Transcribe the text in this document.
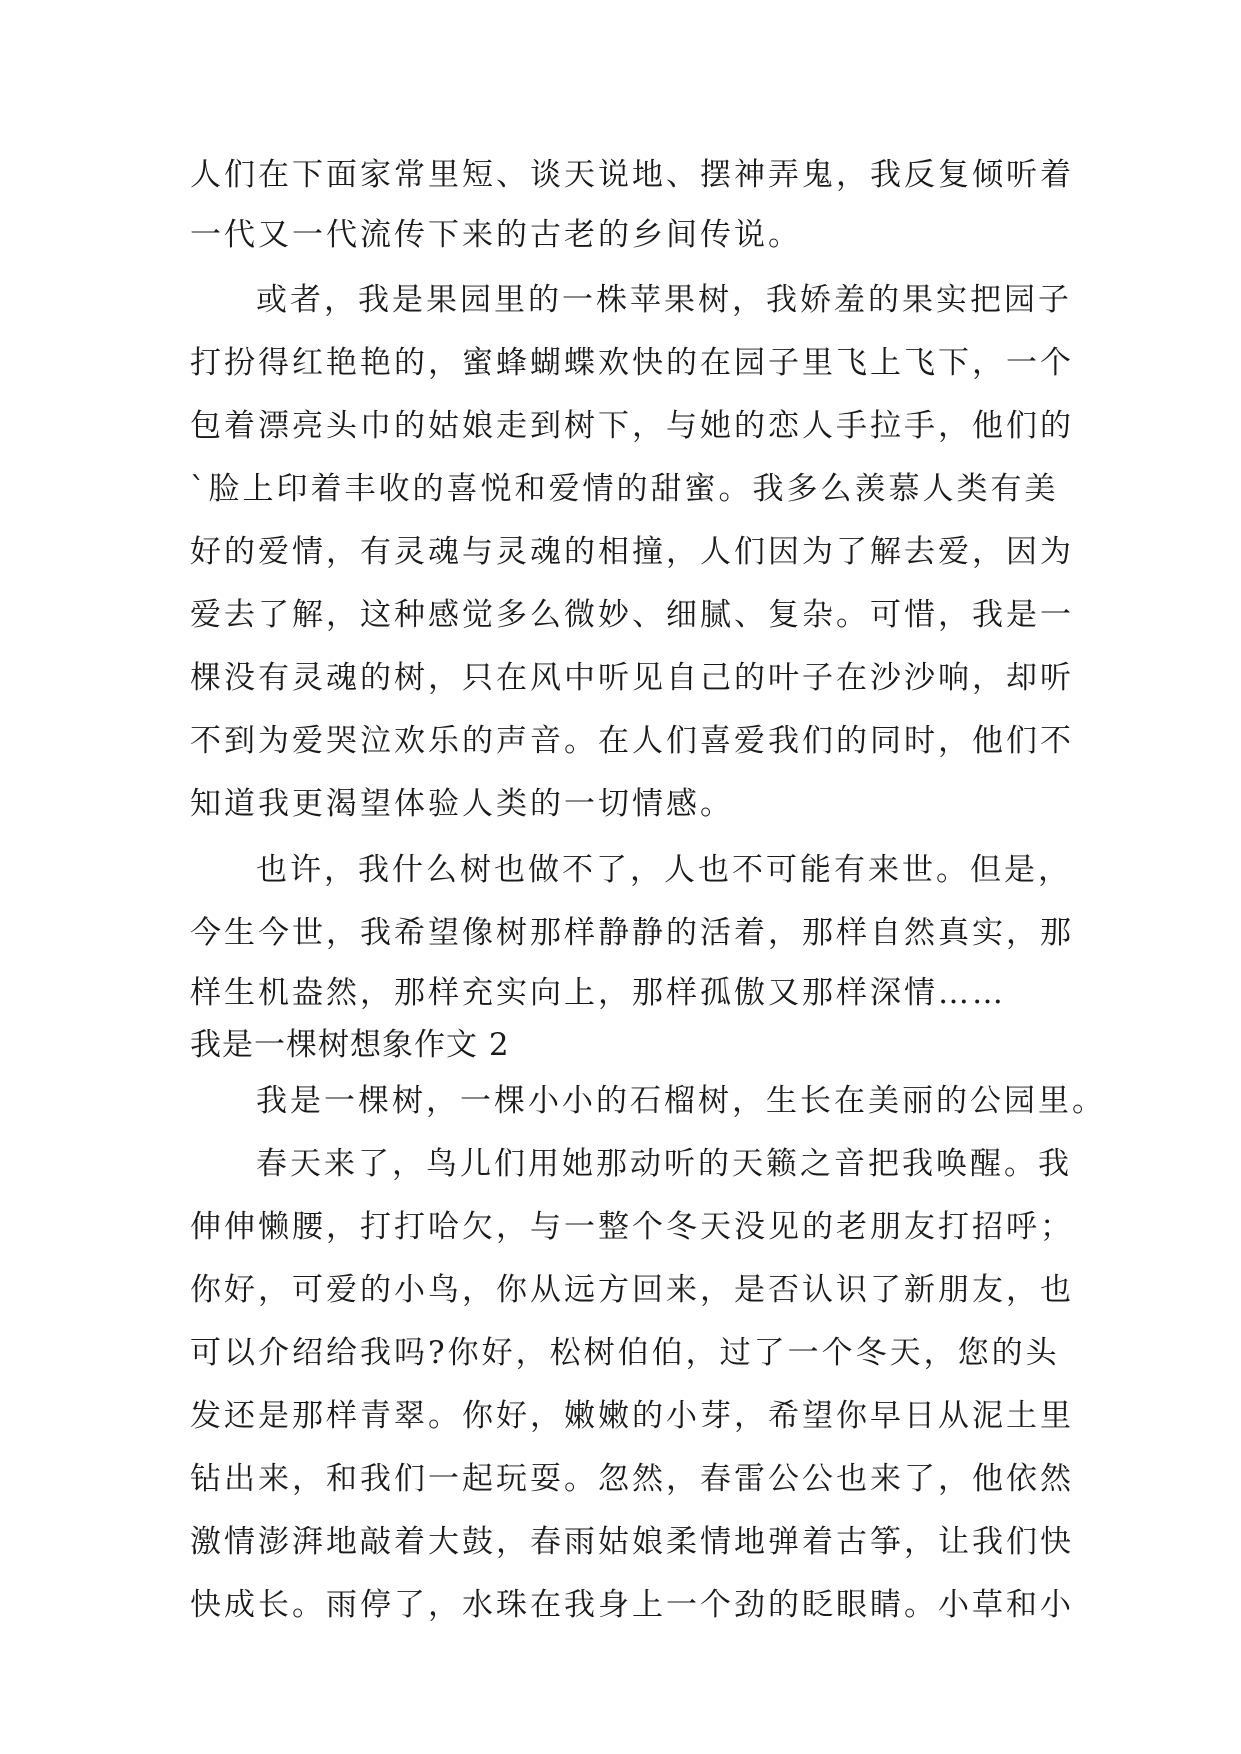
人们在下面家常里短、谈天说地、摆神弄鬼，我反复倾听着
一代又一代流传下来的古老的乡间传说。
或者，我是果园里的一株苹果树，我娇羞的果实把园子
打扮得红艳艳的，蜜蜂蝴蝶欢快的在园子里飞上飞下，一个
包着漂亮头巾的姑娘走到树下，与她的恋人手拉手，他们的
`脸上印着丰收的喜悦和爱情的甜蜜。我多么羡慕人类有美
好的爱情，有灵魂与灵魂的相撞，人们因为了解去爱，因为
爱去了解，这种感觉多么微妙、细腻、复杂。可惜，我是一
棵没有灵魂的树，只在风中听见自己的叶子在沙沙响，却听
不到为爱哭泣欢乐的声音。在人们喜爱我们的同时，他们不
知道我更渴望体验人类的一切情感。
也许，我什么树也做不了，人也不可能有来世。但是，
今生今世，我希望像树那样静静的活着，那样自然真实，那
样生机盎然，那样充实向上，那样孤傲又那样深情……
我是一棵树想象作文 2
我是一棵树，一棵小小的石榴树，生长在美丽的公园里。
春天来了，鸟儿们用她那动听的天籁之音把我唤醒。我
伸伸懒腰，打打哈欠，与一整个冬天没见的老朋友打招呼；
你好，可爱的小鸟，你从远方回来，是否认识了新朋友，也
可以介绍给我吗?你好，松树伯伯，过了一个冬天，您的头
发还是那样青翠。你好，嫩嫩的小芽，希望你早日从泥土里
钻出来，和我们一起玩耍。忽然，春雷公公也来了，他依然
激情澎湃地敲着大鼓，春雨姑娘柔情地弹着古筝，让我们快
快成长。雨停了，水珠在我身上一个劲的眨眼睛。小草和小
